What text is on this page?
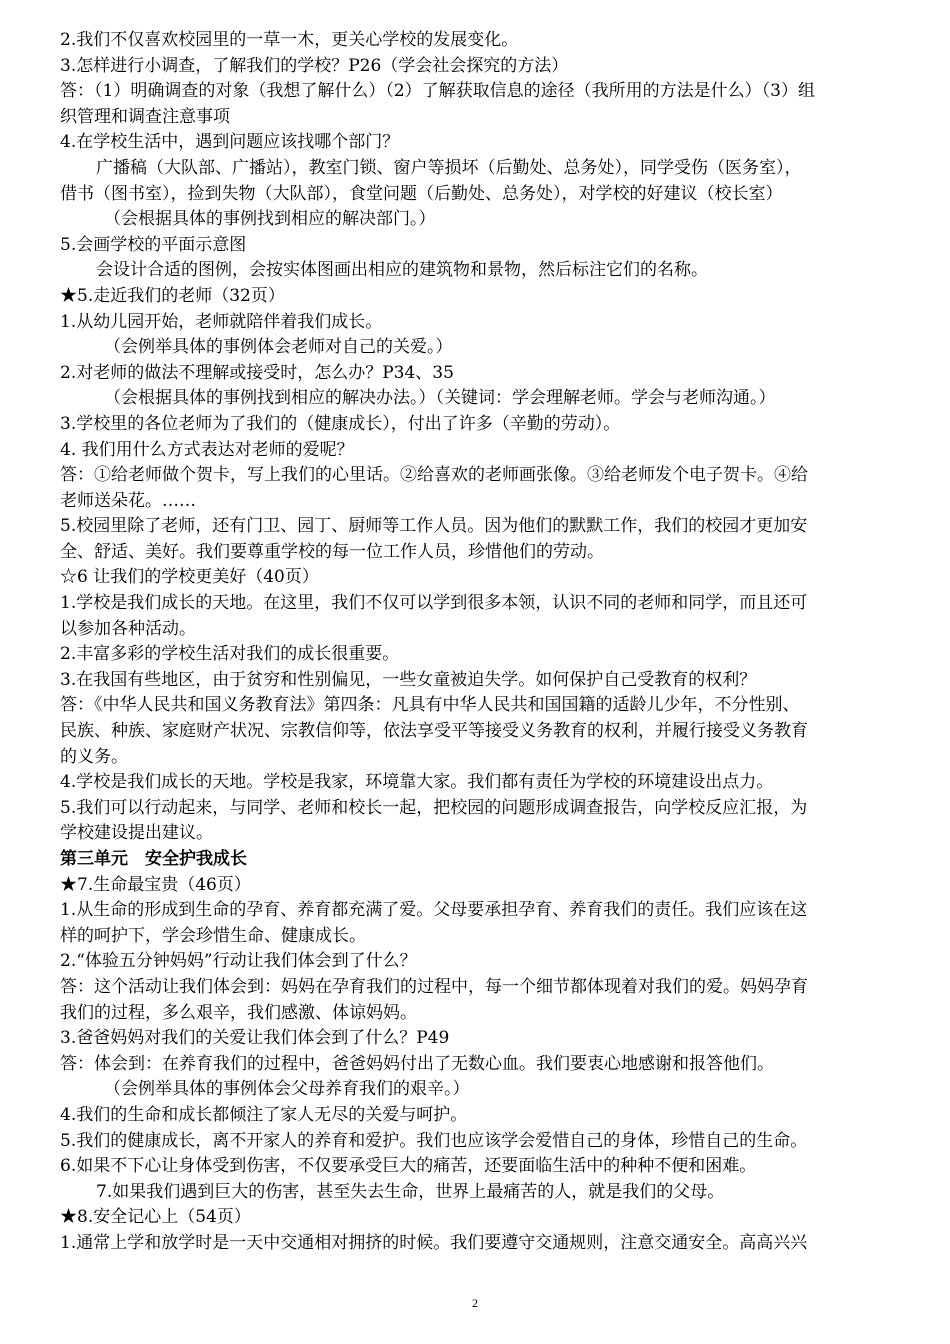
2.我们不仅喜欢校园里的一草一木，更关心学校的发展变化。
3.怎样进行小调查，了解我们的学校？P26（学会社会探究的方法）
答：（1）明确调查的对象（我想了解什么）（2）了解获取信息的途径（我所用的方法是什么）（3）组
织管理和调查注意事项
4.在学校生活中，遇到问题应该找哪个部门？
广播稿（大队部、广播站），教室门锁、窗户等损坏（后勤处、总务处），同学受伤（医务室），
借书（图书室），捡到失物（大队部），食堂问题（后勤处、总务处），对学校的好建议（校长室）
（会根据具体的事例找到相应的解决部门。）
5.会画学校的平面示意图
会设计合适的图例，会按实体图画出相应的建筑物和景物，然后标注它们的名称。
★5.走近我们的老师（32页）
1.从幼儿园开始，老师就陪伴着我们成长。
（会例举具体的事例体会老师对自己的关爱。）
2.对老师的做法不理解或接受时，怎么办？P34、35
（会根据具体的事例找到相应的解决办法。）（关键词：学会理解老师。学会与老师沟通。）
3.学校里的各位老师为了我们的（健康成长），付出了许多（辛勤的劳动）。
4. 我们用什么方式表达对老师的爱呢？
答：①给老师做个贺卡，写上我们的心里话。②给喜欢的老师画张像。③给老师发个电子贺卡。④给
老师送朵花。……
5.校园里除了老师，还有门卫、园丁、厨师等工作人员。因为他们的默默工作，我们的校园才更加安
全、舒适、美好。我们要尊重学校的每一位工作人员，珍惜他们的劳动。
☆6 让我们的学校更美好（40页）
1.学校是我们成长的天地。在这里，我们不仅可以学到很多本领，认识不同的老师和同学，而且还可
以参加各种活动。
2.丰富多彩的学校生活对我们的成长很重要。
3.在我国有些地区，由于贫穷和性别偏见，一些女童被迫失学。如何保护自己受教育的权利？
答：《中华人民共和国义务教育法》第四条：凡具有中华人民共和国国籍的适龄儿少年，不分性别、
民族、种族、家庭财产状况、宗教信仰等，依法享受平等接受义务教育的权利，并履行接受义务教育
的义务。
4.学校是我们成长的天地。学校是我家，环境靠大家。我们都有责任为学校的环境建设出点力。
5.我们可以行动起来，与同学、老师和校长一起，把校园的问题形成调查报告，向学校反应汇报，为
学校建设提出建议。
第三单元　安全护我成长
★7.生命最宝贵（46页）
1.从生命的形成到生命的孕育、养育都充满了爱。父母要承担孕育、养育我们的责任。我们应该在这
样的呵护下，学会珍惜生命、健康成长。
2.“体验五分钟妈妈”行动让我们体会到了什么？
答：这个活动让我们体会到：妈妈在孕育我们的过程中，每一个细节都体现着对我们的爱。妈妈孕育
我们的过程，多么艰辛，我们感激、体谅妈妈。
3.爸爸妈妈对我们的关爱让我们体会到了什么？P49
答：体会到：在养育我们的过程中，爸爸妈妈付出了无数心血。我们要衷心地感谢和报答他们。
（会例举具体的事例体会父母养育我们的艰辛。）
4.我们的生命和成长都倾注了家人无尽的关爱与呵护。
5.我们的健康成长，离不开家人的养育和爱护。我们也应该学会爱惜自己的身体，珍惜自己的生命。
6.如果不下心让身体受到伤害，不仅要承受巨大的痛苦，还要面临生活中的种种不便和困难。
7.如果我们遇到巨大的伤害，甚至失去生命，世界上最痛苦的人，就是我们的父母。
★8.安全记心上（54页）
1.通常上学和放学时是一天中交通相对拥挤的时候。我们要遵守交通规则，注意交通安全。高高兴兴
2
